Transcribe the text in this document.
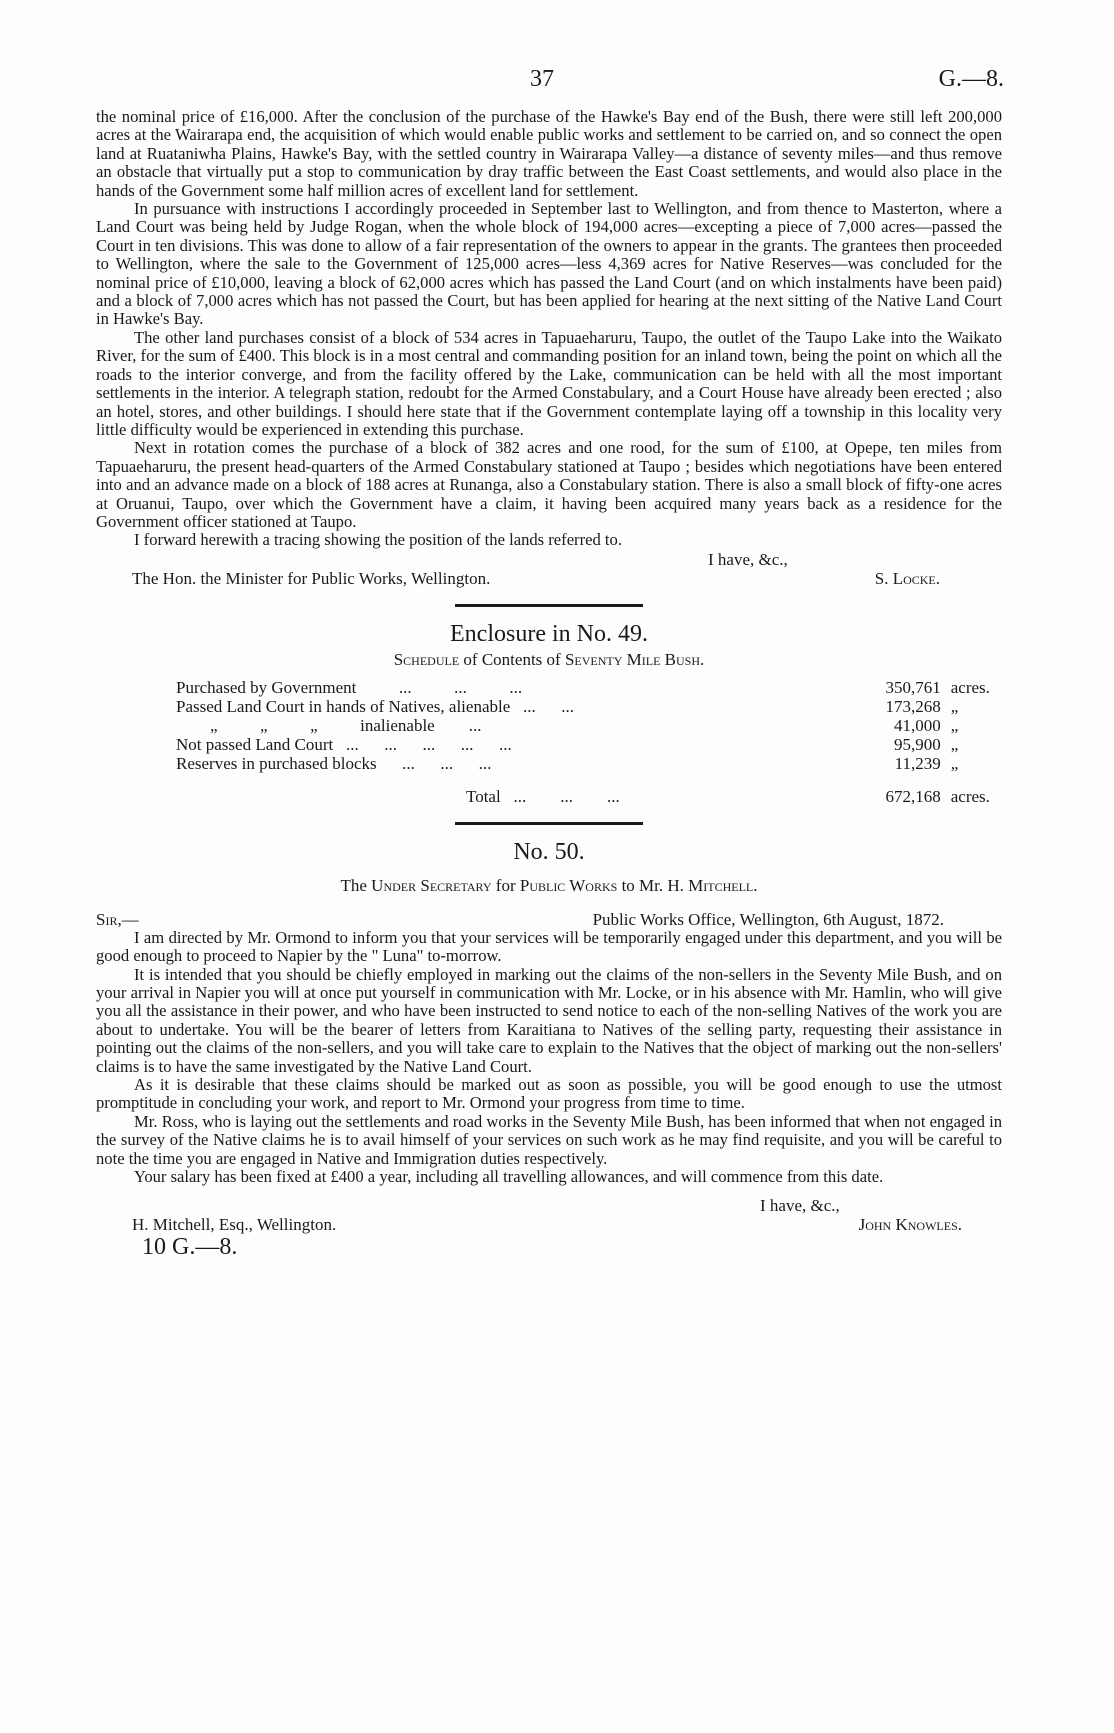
37	G.—8.

the nominal price of £16,000. After the conclusion of the purchase of the Hawke's Bay end of the Bush, there were still left 200,000 acres at the Wairarapa end, the acquisition of which would enable public works and settlement to be carried on, and so connect the open land at Ruataniwha Plains, Hawke's Bay, with the settled country in Wairarapa Valley—a distance of seventy miles—and thus remove an obstacle that virtually put a stop to communication by dray traffic between the East Coast settlements, and would also place in the hands of the Government some half million acres of excellent land for settlement.

In pursuance with instructions I accordingly proceeded in September last to Wellington, and from thence to Masterton, where a Land Court was being held by Judge Rogan, when the whole block of 194,000 acres—excepting a piece of 7,000 acres—passed the Court in ten divisions. This was done to allow of a fair representation of the owners to appear in the grants. The grantees then proceeded to Wellington, where the sale to the Government of 125,000 acres—less 4,369 acres for Native Reserves—was concluded for the nominal price of £10,000, leaving a block of 62,000 acres which has passed the Land Court (and on which instalments have been paid) and a block of 7,000 acres which has not passed the Court, but has been applied for hearing at the next sitting of the Native Land Court in Hawke's Bay.

The other land purchases consist of a block of 534 acres in Tapuaeharuru, Taupo, the outlet of the Taupo Lake into the Waikato River, for the sum of £400. This block is in a most central and commanding position for an inland town, being the point on which all the roads to the interior converge, and from the facility offered by the Lake, communication can be held with all the most important settlements in the interior. A telegraph station, redoubt for the Armed Constabulary, and a Court House have already been erected ; also an hotel, stores, and other buildings. I should here state that if the Government contemplate laying off a township in this locality very little difficulty would be experienced in extending this purchase.

Next in rotation comes the purchase of a block of 382 acres and one rood, for the sum of £100, at Opepe, ten miles from Tapuaeharuru, the present head-quarters of the Armed Constabulary stationed at Taupo ; besides which negotiations have been entered into and an advance made on a block of 188 acres at Runanga, also a Constabulary station. There is also a small block of fifty-one acres at Oruanui, Taupo, over which the Government have a claim, it having been acquired many years back as a residence for the Government officer stationed at Taupo.

I forward herewith a tracing showing the position of the lands referred to.

I have, &c.,
The Hon. the Minister for Public Works, Wellington.	S. Locke.
Enclosure in No. 49.
Schedule of Contents of Seventy Mile Bush.
Purchased by Government          ...          ...          ...	350,761	acres.
Passed Land Court in hands of Natives, alienable   ...      ...	173,268	„
„          „          „          inalienable        ...	41,000	„
Not passed Land Court   ...      ...      ...      ...      ...	95,900	„
Reserves in purchased blocks      ...      ...      ...	11,239	„
Total   ...        ...        ...	672,168	acres.
No. 50.
The Under Secretary for Public Works to Mr. H. Mitchell.
Sir,—	Public Works Office, Wellington, 6th August, 1872.

I am directed by Mr. Ormond to inform you that your services will be temporarily engaged under this department, and you will be good enough to proceed to Napier by the " Luna" to-morrow.

It is intended that you should be chiefly employed in marking out the claims of the non-sellers in the Seventy Mile Bush, and on your arrival in Napier you will at once put yourself in communication with Mr. Locke, or in his absence with Mr. Hamlin, who will give you all the assistance in their power, and who have been instructed to send notice to each of the non-selling Natives of the work you are about to undertake. You will be the bearer of letters from Karaitiana to Natives of the selling party, requesting their assistance in pointing out the claims of the non-sellers, and you will take care to explain to the Natives that the object of marking out the non-sellers' claims is to have the same investigated by the Native Land Court.

As it is desirable that these claims should be marked out as soon as possible, you will be good enough to use the utmost promptitude in concluding your work, and report to Mr. Ormond your progress from time to time.

Mr. Ross, who is laying out the settlements and road works in the Seventy Mile Bush, has been informed that when not engaged in the survey of the Native claims he is to avail himself of your services on such work as he may find requisite, and you will be careful to note the time you are engaged in Native and Immigration duties respectively.

Your salary has been fixed at £400 a year, including all travelling allowances, and will commence from this date.

I have, &c.,
H. Mitchell, Esq., Wellington.	John Knowles.
10 G.—8.
